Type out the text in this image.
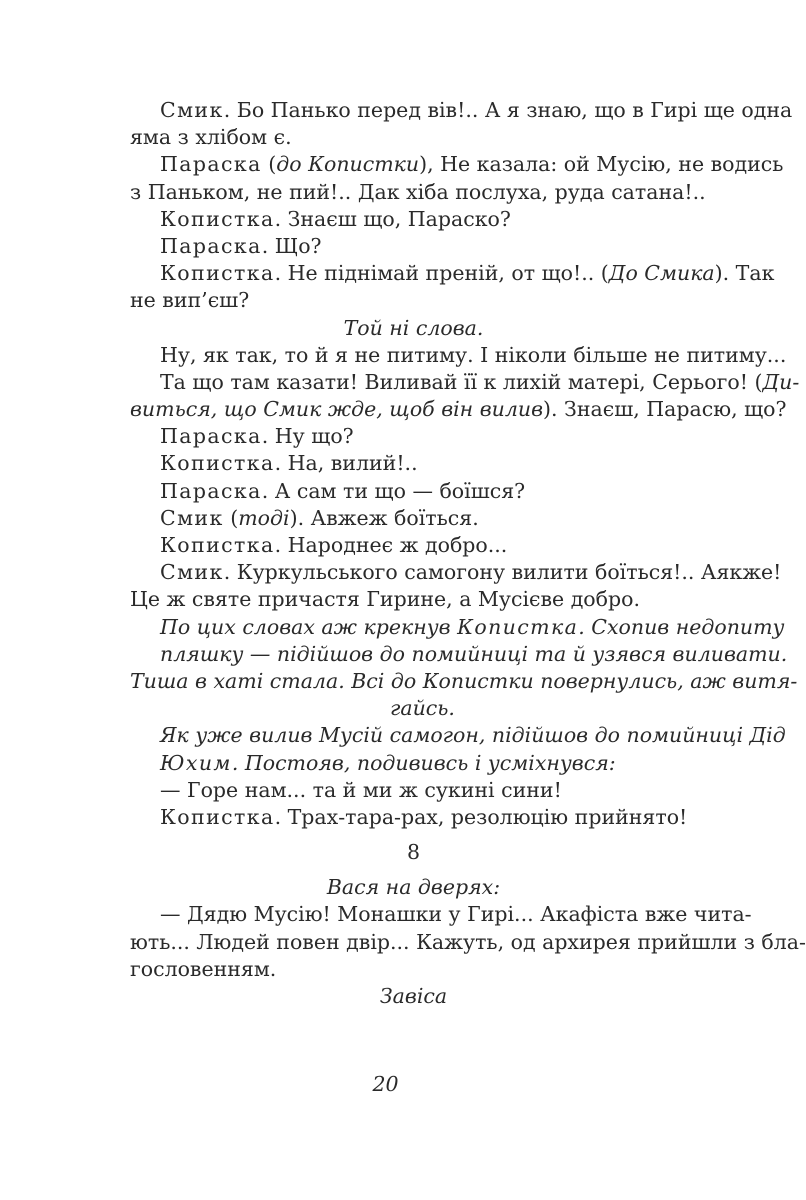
Смик. Бо Панько перед вів!.. А я знаю, що в Гирі ще одна
яма з хлібом є.
Параска (до Копистки), Не казала: ой Мусію, не водись
з Паньком, не пий!.. Дак хіба послуха, руда сатана!..
Копистка. Знаєш що, Параско?
Параска. Що?
Копистка. Не піднімай преній, от що!.. (До Смика). Так
не вип’єш?
Той ні слова.
Ну, як так, то й я не питиму. І ніколи більше не питиму...
Та що там казати! Виливай її к лихій матері, Серього! (Ди-
виться, що Смик жде, щоб він вилив). Знаєш, Парасю, що?
Параска. Ну що?
Копистка. На, вилий!..
Параска. А сам ти що — боїшся?
Смик (тоді). Авжеж боїться.
Копистка. Народнеє ж добро...
Смик. Куркульського самогону вилити боїться!.. Аякже!
Це ж святе причастя Гирине, а Мусієве добро.
По цих словах аж крекнув Копистка. Схопив недопиту
пляшку — підійшов до помийниці та й узявся виливати.
Тиша в хаті стала. Всі до Копистки повернулись, аж витя-
гайсь.
Як уже вилив Мусій самогон, підійшов до помийниці Дід
Юхим. Постояв, подививсь і усміхнувся:
— Горе нам... та й ми ж сукині сини!
Копистка. Трах-тара-рах, резолюцію прийнято!
8
Вася на дверях:
— Дядю Мусію! Монашки у Гирі... Акафіста вже чита-
ють... Людей повен двір... Кажуть, од архирея прийшли з бла-
гословенням.
Завіса
20
